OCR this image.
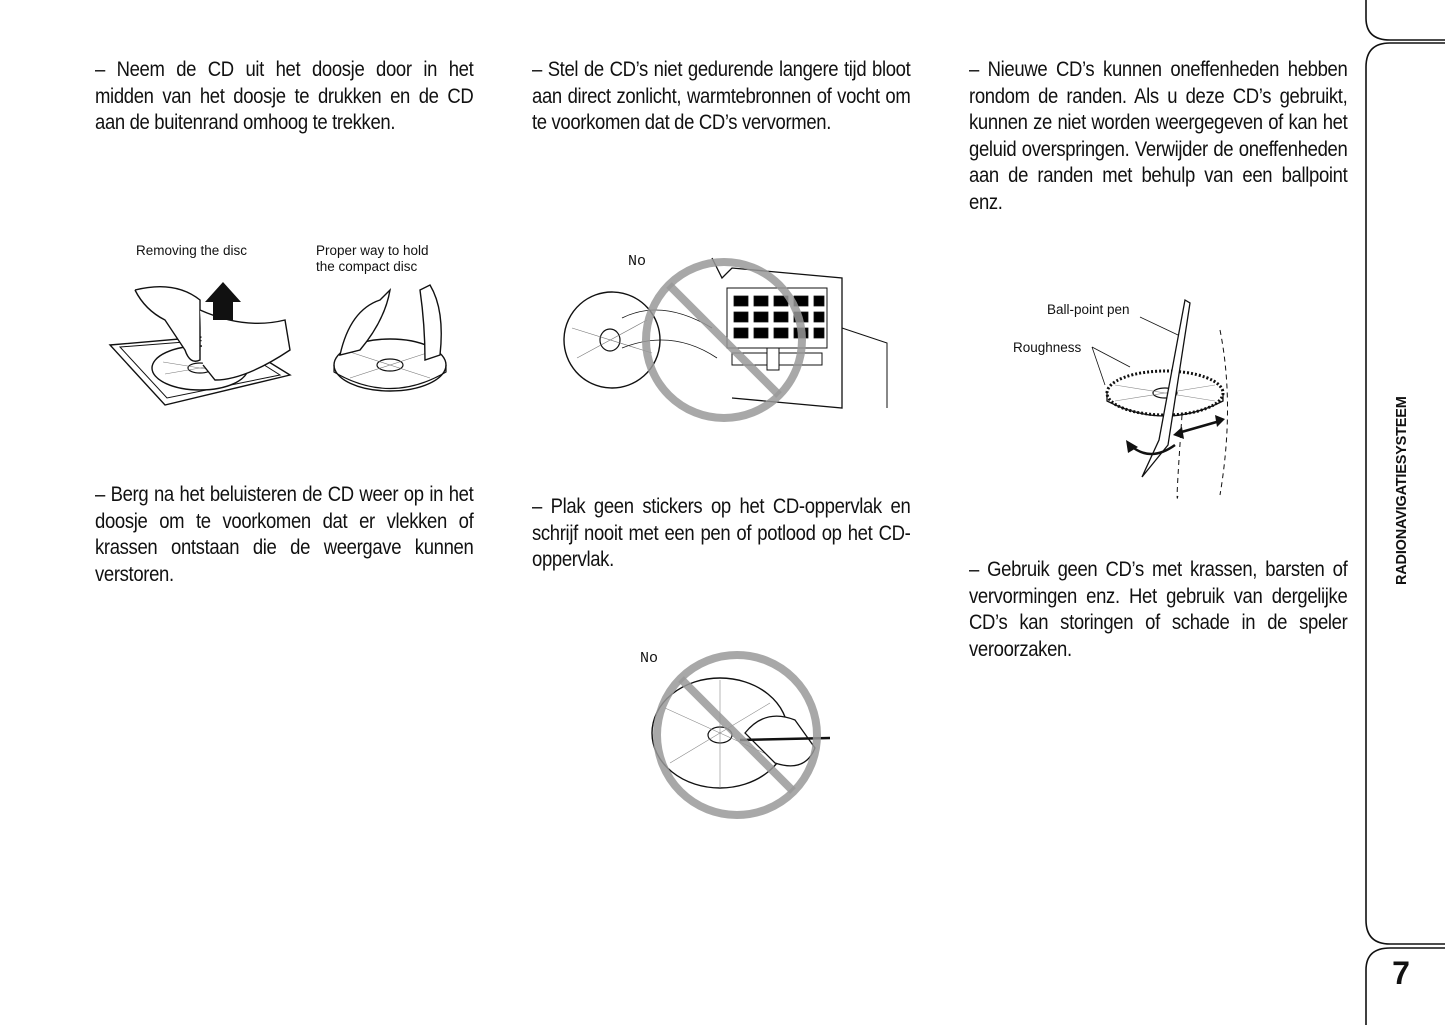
– Neem de CD uit het doosje door in het midden van het doosje te drukken en de CD aan de buitenrand omhoog te trekken.
Removing the disc	Proper way to hold
the compact disc
– Berg na het beluisteren de CD weer op in het doosje om te voorkomen dat er vlekken of krassen ontstaan die de weergave kunnen verstoren.
– Stel de CD’s niet gedurende langere tijd bloot aan direct zonlicht, warmtebronnen of vocht om te voorkomen dat de CD’s vervormen.
No
– Plak geen stickers op het CD-oppervlak en schrijf nooit met een pen of potlood op het CD-oppervlak.
No
– Nieuwe CD’s kunnen oneffenheden hebben rondom de randen. Als u deze CD’s gebruikt, kunnen ze niet worden weergegeven of kan het geluid overspringen. Verwijder de oneffenheden aan de randen met behulp van een ballpoint enz.
Ball-point pen
Roughness
– Gebruik geen CD’s met krassen, barsten of vervormingen enz. Het gebruik van dergelijke CD’s kan storingen of schade in de speler veroorzaken.
RADIONAVIGATIESYSTEEM
7
